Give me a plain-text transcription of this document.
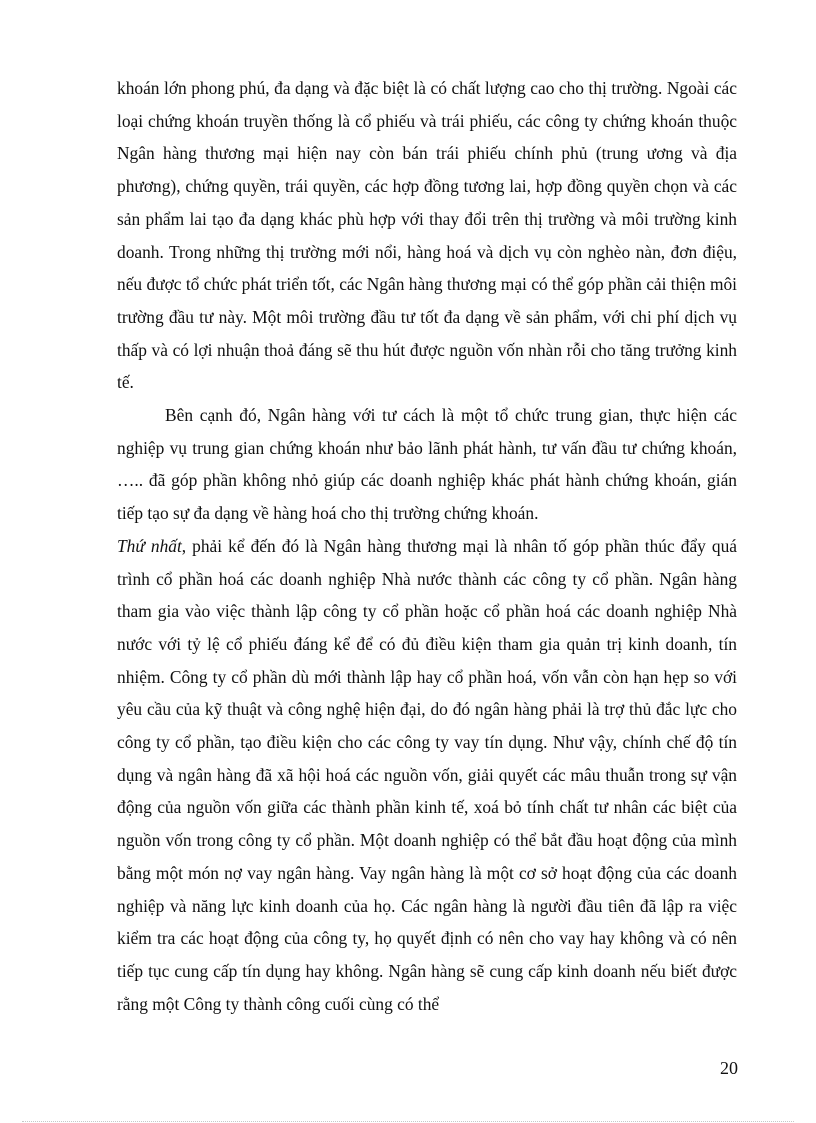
khoán lớn phong phú, đa dạng và đặc biệt là có chất lượng cao cho thị trường. Ngoài các loại chứng khoán truyền thống là cổ phiếu và trái phiếu, các công ty chứng khoán thuộc Ngân hàng thương mại hiện nay còn bán trái phiếu chính phủ (trung ương và địa phương), chứng quyền, trái quyền, các hợp đồng tương lai, hợp đồng quyền chọn và các sản phẩm lai tạo đa dạng khác phù hợp với thay đổi trên thị trường và môi trường kinh doanh. Trong những thị trường mới nổi, hàng hoá và dịch vụ còn nghèo nàn, đơn điệu, nếu được tổ chức phát triển tốt, các Ngân hàng thương mại có thể góp phần cải thiện môi trường đầu tư này. Một môi trường đầu tư tốt đa dạng về sản phẩm, với chi phí dịch vụ thấp và có lợi nhuận thoả đáng sẽ thu hút được nguồn vốn nhàn rỗi cho tăng trưởng kinh tế.

Bên cạnh đó, Ngân hàng với tư cách là một tổ chức trung gian, thực hiện các nghiệp vụ trung gian chứng khoán như bảo lãnh phát hành, tư vấn đầu tư chứng khoán, ….. đã góp phần không nhỏ giúp các doanh nghiệp khác phát hành chứng khoán, gián tiếp tạo sự đa dạng về hàng hoá cho thị trường chứng khoán.

Thứ nhất, phải kể đến đó là Ngân hàng thương mại là nhân tố góp phần thúc đẩy quá trình cổ phần hoá các doanh nghiệp Nhà nước thành các công ty cổ phần. Ngân hàng tham gia vào việc thành lập công ty cổ phần hoặc cổ phần hoá các doanh nghiệp Nhà nước với tỷ lệ cổ phiếu đáng kể để có đủ điều kiện tham gia quản trị kinh doanh, tín nhiệm. Công ty cổ phần dù mới thành lập hay cổ phần hoá, vốn vẫn còn hạn hẹp so với yêu cầu của kỹ thuật và công nghệ hiện đại, do đó ngân hàng phải là trợ thủ đắc lực cho công ty cổ phần, tạo điều kiện cho các công ty vay tín dụng. Như vậy, chính chế độ tín dụng và ngân hàng đã xã hội hoá các nguồn vốn, giải quyết các mâu thuẫn trong sự vận động của nguồn vốn giữa các thành phần kinh tế, xoá bỏ tính chất tư nhân các biệt của nguồn vốn trong công ty cổ phần. Một doanh nghiệp có thể bắt đầu hoạt động của mình bằng một món nợ vay ngân hàng. Vay ngân hàng là một cơ sở hoạt động của các doanh nghiệp và năng lực kinh doanh của họ. Các ngân hàng là người đầu tiên đã lập ra việc kiểm tra các hoạt động của công ty, họ quyết định có nên cho vay hay không và có nên tiếp tục cung cấp tín dụng hay không. Ngân hàng sẽ cung cấp kinh doanh nếu biết được rằng một Công ty thành công cuối cùng có thể

20
